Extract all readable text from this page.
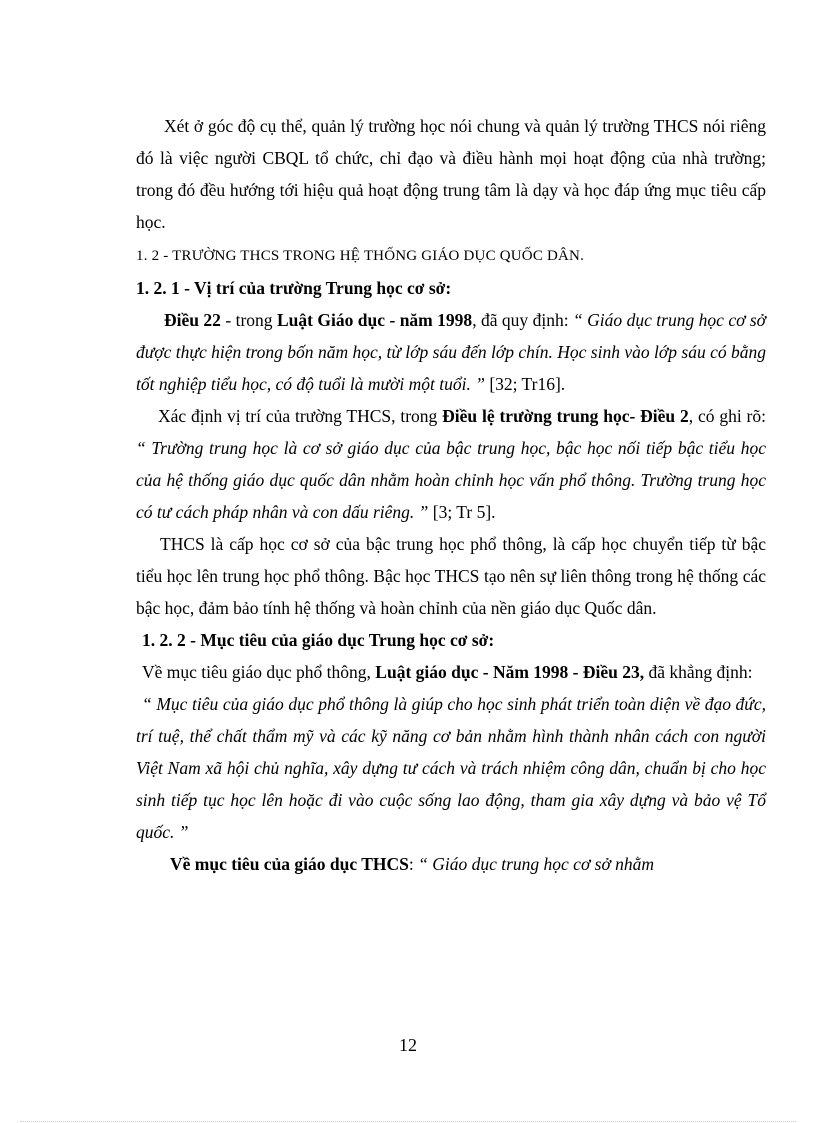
Xét ở góc độ cụ thể, quản lý trường học nói chung và quản lý trường THCS nói riêng đó là việc người CBQL tổ chức, chỉ đạo và điều hành mọi hoạt động của nhà trường; trong đó đều hướng tới hiệu quả hoạt động trung tâm là dạy và học đáp ứng mục tiêu cấp học.

1. 2 - TRƯỜNG THCS TRONG HỆ THỐNG GIÁO DỤC QUỐC DÂN.

1. 2. 1 - Vị trí của trường Trung học cơ sở:

Điều 22 - trong Luật Giáo dục - năm 1998, đã quy định: “ Giáo dục trung học cơ sở được thực hiện trong bốn năm học, từ lớp sáu đến lớp chín. Học sinh vào lớp sáu có bằng tốt nghiệp tiểu học, có độ tuổi là mười một tuổi. ” [32; Tr16].

Xác định vị trí của trường THCS, trong Điều lệ trường trung học- Điều 2, có ghi rõ: “ Trường trung học là cơ sở giáo dục của bậc trung học, bậc học nối tiếp bậc tiểu học của hệ thống giáo dục quốc dân nhằm hoàn chỉnh học vấn phổ thông. Trường trung học có tư cách pháp nhân và con dấu riêng. ” [3; Tr 5].

THCS là cấp học cơ sở của bậc trung học phổ thông, là cấp học chuyển tiếp từ bậc tiểu học lên trung học phổ thông. Bậc học THCS tạo nên sự liên thông trong hệ thống các bậc học, đảm bảo tính hệ thống và hoàn chỉnh của nền giáo dục Quốc dân.

1. 2. 2 - Mục tiêu của giáo dục Trung học cơ sở:

Về mục tiêu giáo dục phổ thông, Luật giáo dục - Năm 1998 - Điều 23, đã khẳng định:

“ Mục tiêu của giáo dục phổ thông là giúp cho học sinh phát triển toàn diện về đạo đức, trí tuệ, thể chất thẩm mỹ và các kỹ năng cơ bản nhằm hình thành nhân cách con người Việt Nam xã hội chủ nghĩa, xây dựng tư cách và trách nhiệm công dân, chuẩn bị cho học sinh tiếp tục học lên hoặc đi vào cuộc sống lao động, tham gia xây dựng và bảo vệ Tổ quốc. ”

Về mục tiêu của giáo dục THCS: “ Giáo dục trung học cơ sở nhằm

12
